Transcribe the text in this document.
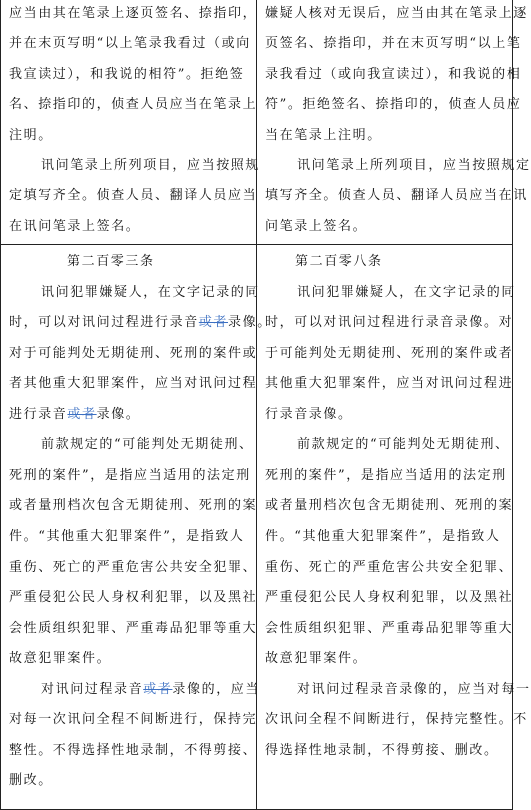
应当由其在笔录上逐页签名、捺指印，
并在末页写明“以上笔录我看过（或向
我宣读过），和我说的相符”。拒绝签
名、捺指印的，侦查人员应当在笔录上
注明。
讯问笔录上所列项目，应当按照规
定填写齐全。侦查人员、翻译人员应当
在讯问笔录上签名。
嫌疑人核对无误后，应当由其在笔录上逐
页签名、捺指印，并在末页写明“以上笔
录我看过（或向我宣读过），和我说的相
符”。拒绝签名、捺指印的，侦查人员应
当在笔录上注明。
讯问笔录上所列项目，应当按照规定
填写齐全。侦查人员、翻译人员应当在讯
问笔录上签名。
第二百零三条
讯问犯罪嫌疑人，在文字记录的同
时，可以对讯问过程进行录音或者录像。
对于可能判处无期徒刑、死刑的案件或
者其他重大犯罪案件，应当对讯问过程
进行录音或者录像。
前款规定的“可能判处无期徒刑、
死刑的案件”，是指应当适用的法定刑
或者量刑档次包含无期徒刑、死刑的案
件。“其他重大犯罪案件”，是指致人
重伤、死亡的严重危害公共安全犯罪、
严重侵犯公民人身权利犯罪，以及黑社
会性质组织犯罪、严重毒品犯罪等重大
故意犯罪案件。
对讯问过程录音或者录像的，应当
对每一次讯问全程不间断进行，保持完
整性。不得选择性地录制，不得剪接、
删改。
第二百零八条
讯问犯罪嫌疑人，在文字记录的同
时，可以对讯问过程进行录音录像。对
于可能判处无期徒刑、死刑的案件或者
其他重大犯罪案件，应当对讯问过程进
行录音录像。
前款规定的“可能判处无期徒刑、
死刑的案件”，是指应当适用的法定刑
或者量刑档次包含无期徒刑、死刑的案
件。“其他重大犯罪案件”，是指致人
重伤、死亡的严重危害公共安全犯罪、
严重侵犯公民人身权利犯罪，以及黑社
会性质组织犯罪、严重毒品犯罪等重大
故意犯罪案件。
对讯问过程录音录像的，应当对每一
次讯问全程不间断进行，保持完整性。不
得选择性地录制，不得剪接、删改。
